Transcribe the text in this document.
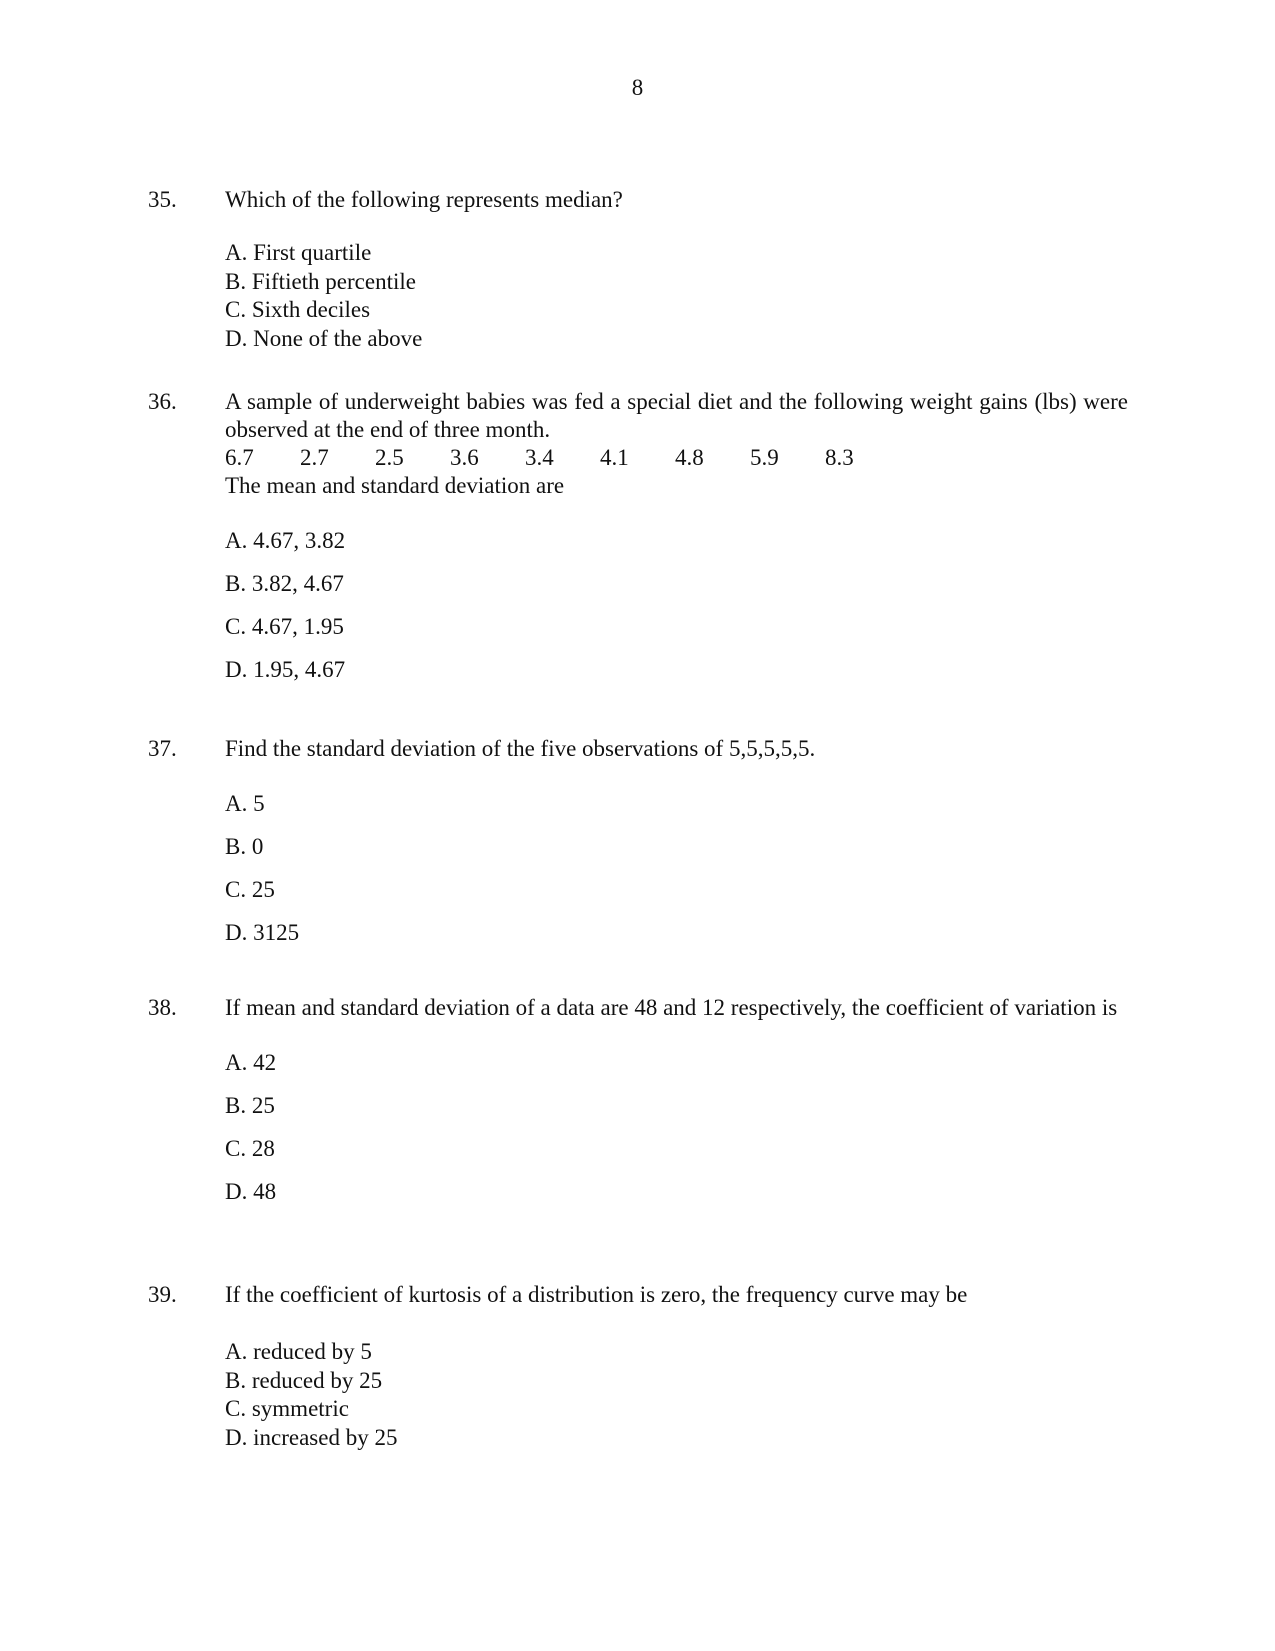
8
35. Which of the following represents median?

A. First quartile
B. Fiftieth percentile
C. Sixth deciles
D. None of the above
36. A sample of underweight babies was fed a special diet and the following weight gains (lbs) were observed at the end of three month.

6.7	2.7	2.5	3.6	3.4	4.1	4.8	5.9	8.3

The mean and standard deviation are

A. 4.67, 3.82
B. 3.82, 4.67
C. 4.67, 1.95
D. 1.95, 4.67
37. Find the standard deviation of the five observations of 5,5,5,5,5.

A. 5
B. 0
C. 25
D. 3125
38. If mean and standard deviation of a data are 48 and 12 respectively, the coefficient of variation is

A. 42
B. 25
C. 28
D. 48
39. If the coefficient of kurtosis of a distribution is zero, the frequency curve may be

A. reduced by 5
B. reduced by 25
C. symmetric
D. increased by 25
